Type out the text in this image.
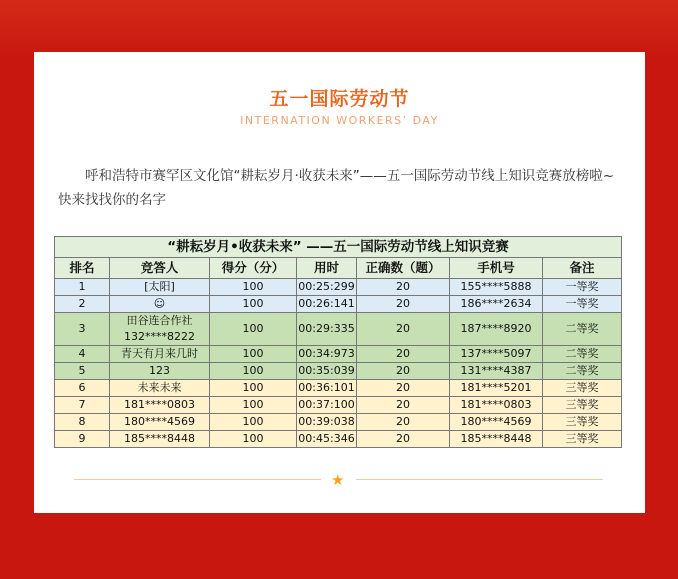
五一国际劳动节
INTERNATION WORKERS’ DAY
呼和浩特市赛罕区文化馆“耕耘岁月·收获未来”——五一国际劳动节线上知识竞赛放榜啦~快来找找你的名字
“耕耘岁月•收获未来” ——五一国际劳动节线上知识竞赛						
排名	竞答人	得分（分）	用时	正确数（题）	手机号	备注
1	[太阳]	100	00:25:299	20	155****5888	一等奖
2	☺	100	00:26:141	20	186****2634	一等奖
3	田谷连合作社 132****8222	100	00:29:335	20	187****8920	二等奖
4	青天有月来几时	100	00:34:973	20	137****5097	二等奖
5	123	100	00:35:039	20	131****4387	二等奖
6	未来未来	100	00:36:101	20	181****5201	三等奖
7	181****0803	100	00:37:100	20	181****0803	三等奖
8	180****4569	100	00:39:038	20	180****4569	三等奖
9	185****8448	100	00:45:346	20	185****8448	三等奖
★
